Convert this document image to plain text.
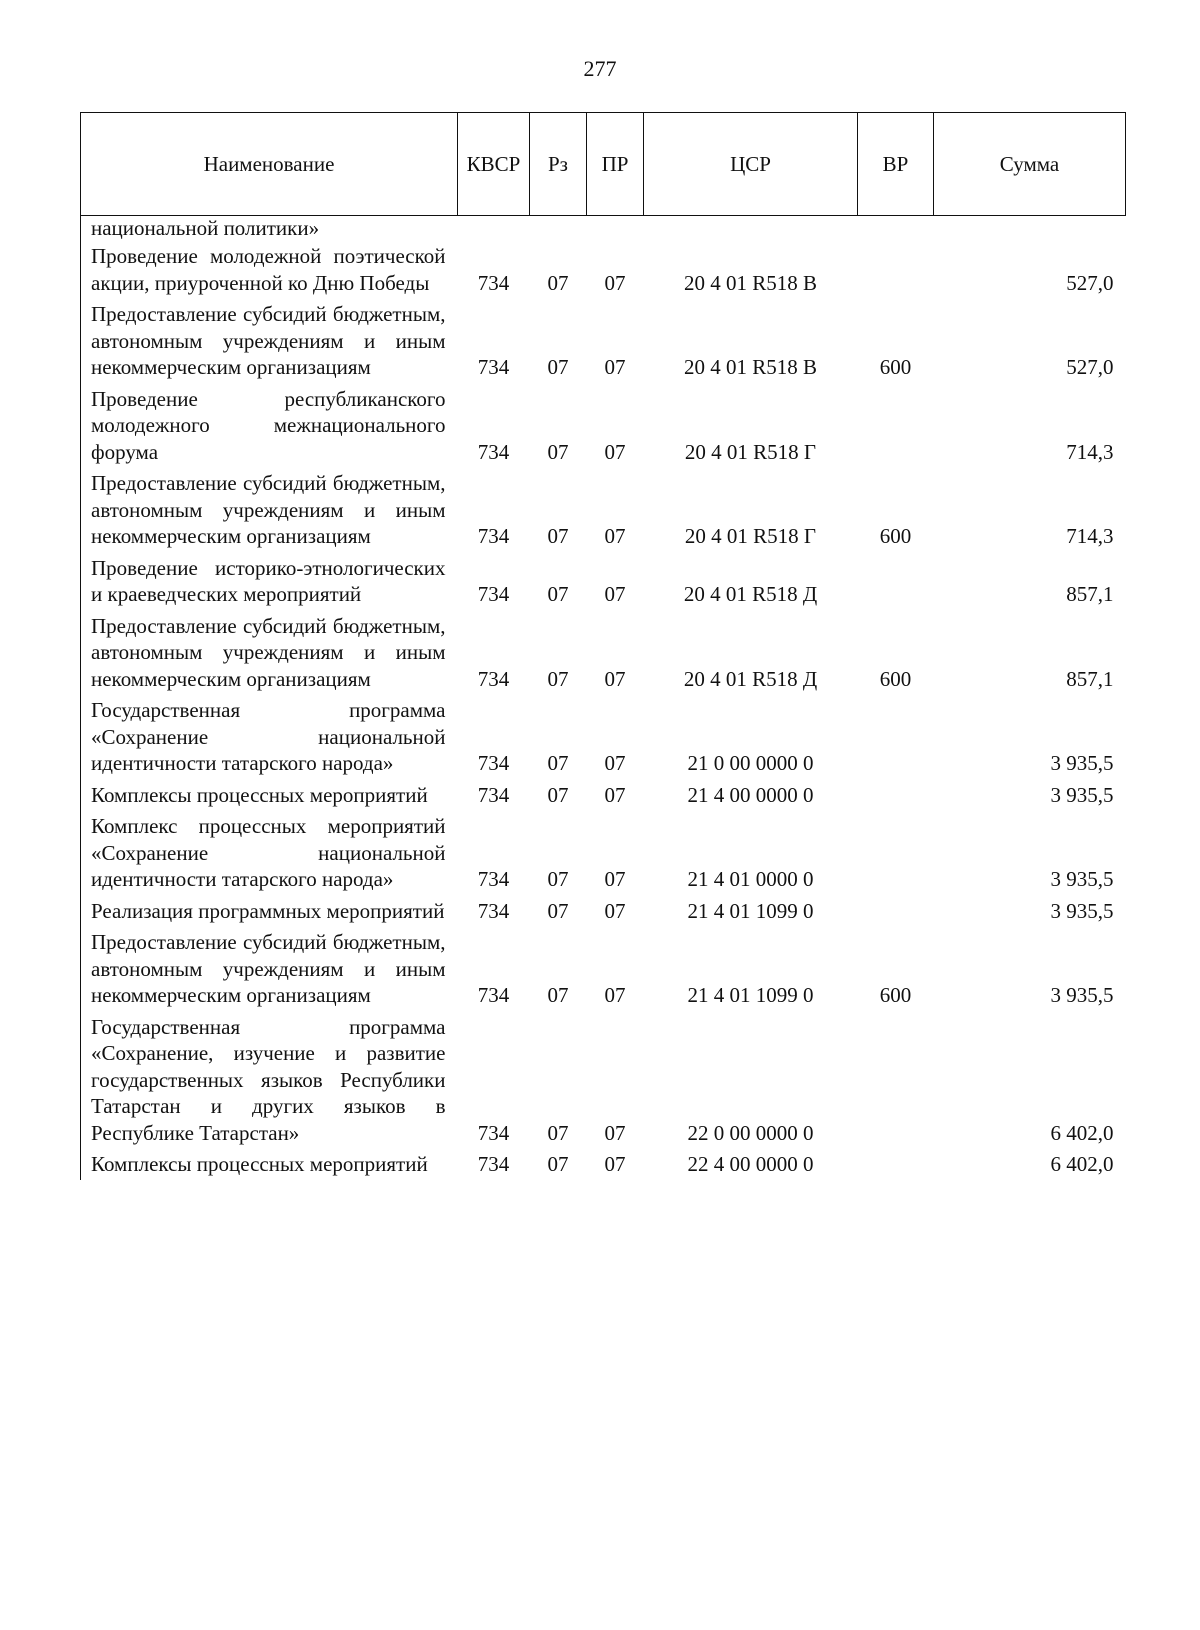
277
Наименование	КВСР	Рз	ПР	ЦСР	ВР	Сумма
национальной политики»						
Проведение молодежной поэтической акции, приуроченной ко Дню Победы	734	07	07	20 4 01 R518 В		527,0
Предоставление субсидий бюджетным, автономным учреждениям и иным некоммерческим организациям	734	07	07	20 4 01 R518 В	600	527,0
Проведение республиканского молодежного межнационального форума	734	07	07	20 4 01 R518 Г		714,3
Предоставление субсидий бюджетным, автономным учреждениям и иным некоммерческим организациям	734	07	07	20 4 01 R518 Г	600	714,3
Проведение историко-этнологических и краеведческих мероприятий	734	07	07	20 4 01 R518 Д		857,1
Предоставление субсидий бюджетным, автономным учреждениям и иным некоммерческим организациям	734	07	07	20 4 01 R518 Д	600	857,1
Государственная программа «Сохранение национальной идентичности татарского народа»	734	07	07	21 0 00 0000 0		3 935,5
Комплексы процессных мероприятий	734	07	07	21 4 00 0000 0		3 935,5
Комплекс процессных мероприятий «Сохранение национальной идентичности татарского народа»	734	07	07	21 4 01 0000 0		3 935,5
Реализация программных мероприятий	734	07	07	21 4 01 1099 0		3 935,5
Предоставление субсидий бюджетным, автономным учреждениям и иным некоммерческим организациям	734	07	07	21 4 01 1099 0	600	3 935,5
Государственная программа «Сохранение, изучение и развитие государственных языков Республики Татарстан и других языков в Республике Татарстан»	734	07	07	22 0 00 0000 0		6 402,0
Комплексы процессных мероприятий	734	07	07	22 4 00 0000 0		6 402,0
